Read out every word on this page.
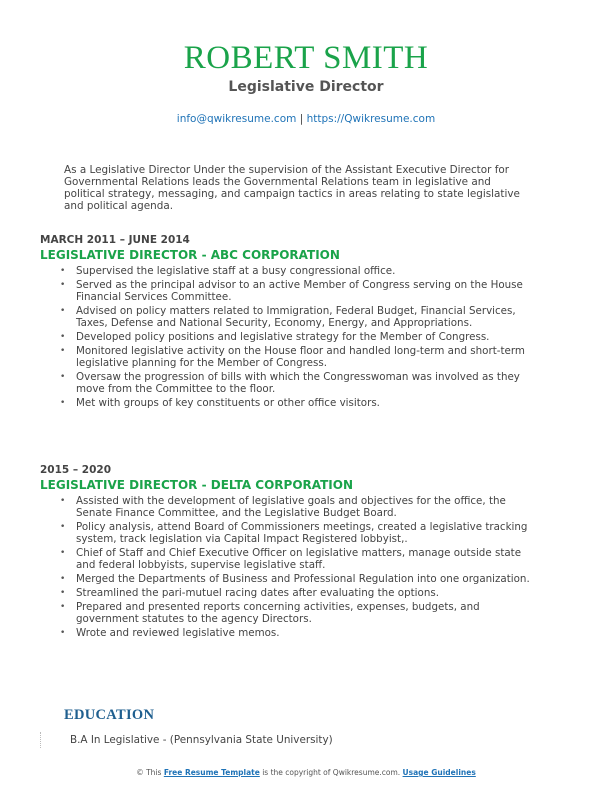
ROBERT SMITH
Legislative Director
info@qwikresume.com | https://Qwikresume.com

As a Legislative Director Under the supervision of the Assistant Executive Director for Governmental Relations leads the Governmental Relations team in legislative and political strategy, messaging, and campaign tactics in areas relating to state legislative and political agenda.

MARCH 2011 – JUNE 2014
LEGISLATIVE DIRECTOR - ABC CORPORATION
• Supervised the legislative staff at a busy congressional office.
• Served as the principal advisor to an active Member of Congress serving on the House Financial Services Committee.
• Advised on policy matters related to Immigration, Federal Budget, Financial Services, Taxes, Defense and National Security, Economy, Energy, and Appropriations.
• Developed policy positions and legislative strategy for the Member of Congress.
• Monitored legislative activity on the House floor and handled long-term and short-term legislative planning for the Member of Congress.
• Oversaw the progression of bills with which the Congresswoman was involved as they move from the Committee to the floor.
• Met with groups of key constituents or other office visitors.
2015 – 2020
LEGISLATIVE DIRECTOR - DELTA CORPORATION
• Assisted with the development of legislative goals and objectives for the office, the Senate Finance Committee, and the Legislative Budget Board.
• Policy analysis, attend Board of Commissioners meetings, created a legislative tracking system, track legislation via Capital Impact Registered lobbyist,.
• Chief of Staff and Chief Executive Officer on legislative matters, manage outside state and federal lobbyists, supervise legislative staff.
• Merged the Departments of Business and Professional Regulation into one organization.
• Streamlined the pari-mutuel racing dates after evaluating the options.
• Prepared and presented reports concerning activities, expenses, budgets, and government statutes to the agency Directors.
• Wrote and reviewed legislative memos.
EDUCATION
B.A In Legislative - (Pennsylvania State University)
© This Free Resume Template is the copyright of Qwikresume.com. Usage Guidelines
